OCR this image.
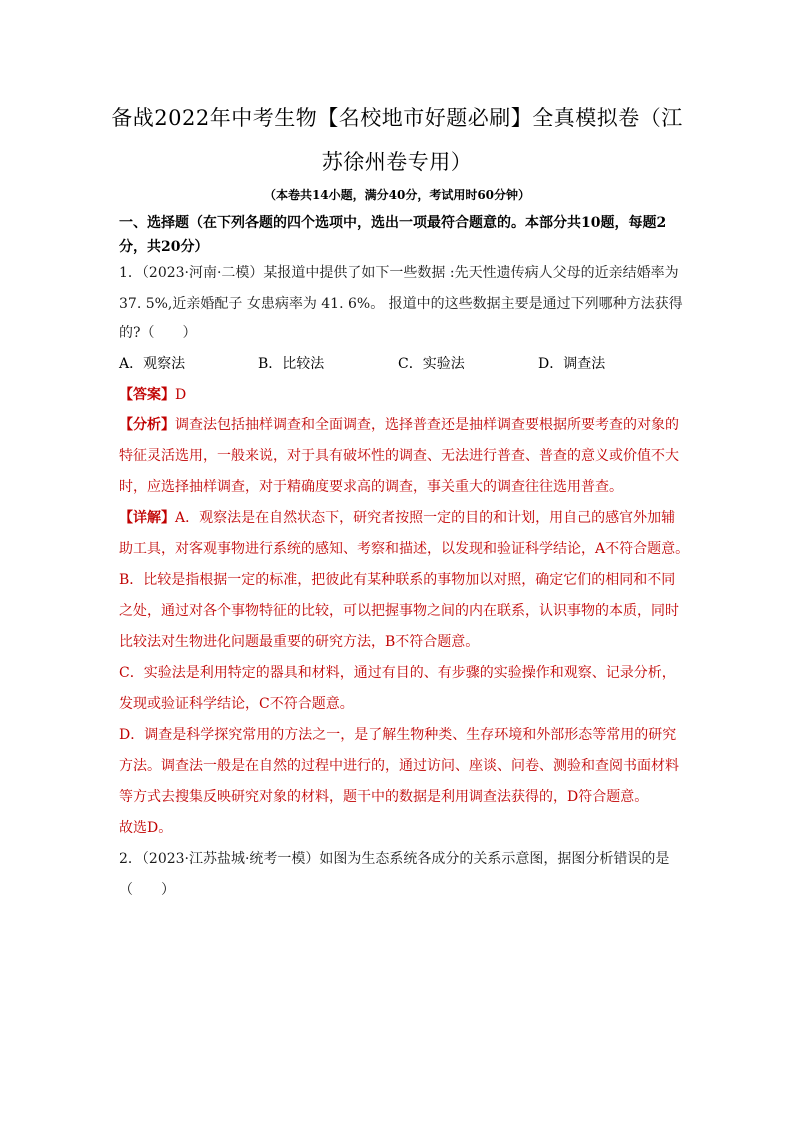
备战2022年中考生物【名校地市好题必刷】全真模拟卷（江
苏徐州卷专用）
（本卷共14小题，满分40分，考试用时60分钟）
一、选择题（在下列各题的四个选项中，选出一项最符合题意的。本部分共10题，每题2
分，共20分）
1．（2023·河南·二模）某报道中提供了如下一些数据 :先天性遗传病人父母的近亲结婚率为
37. 5%,近亲婚配子 女患病率为 41. 6%。 报道中的这些数据主要是通过下列哪种方法获得
的?（　　）
A．观察法	B．比较法	C．实验法	D．调查法
【答案】D
【分析】调查法包括抽样调查和全面调查，选择普查还是抽样调查要根据所要考查的对象的
特征灵活选用，一般来说，对于具有破坏性的调查、无法进行普查、普查的意义或价值不大
时，应选择抽样调查，对于精确度要求高的调查，事关重大的调查往往选用普查。
【详解】A．观察法是在自然状态下，研究者按照一定的目的和计划，用自己的感官外加辅
助工具，对客观事物进行系统的感知、考察和描述，以发现和验证科学结论，A不符合题意。
B．比较是指根据一定的标准，把彼此有某种联系的事物加以对照，确定它们的相同和不同
之处，通过对各个事物特征的比较，可以把握事物之间的内在联系，认识事物的本质，同时
比较法对生物进化问题最重要的研究方法，B不符合题意。
C．实验法是利用特定的器具和材料，通过有目的、有步骤的实验操作和观察、记录分析，
发现或验证科学结论，C不符合题意。
D．调查是科学探究常用的方法之一，是了解生物种类、生存环境和外部形态等常用的研究
方法。调查法一般是在自然的过程中进行的，通过访问、座谈、问卷、测验和查阅书面材料
等方式去搜集反映研究对象的材料，题干中的数据是利用调查法获得的，D符合题意。
故选D。
2．（2023·江苏盐城·统考一模）如图为生态系统各成分的关系示意图，据图分析错误的是
（　　）
